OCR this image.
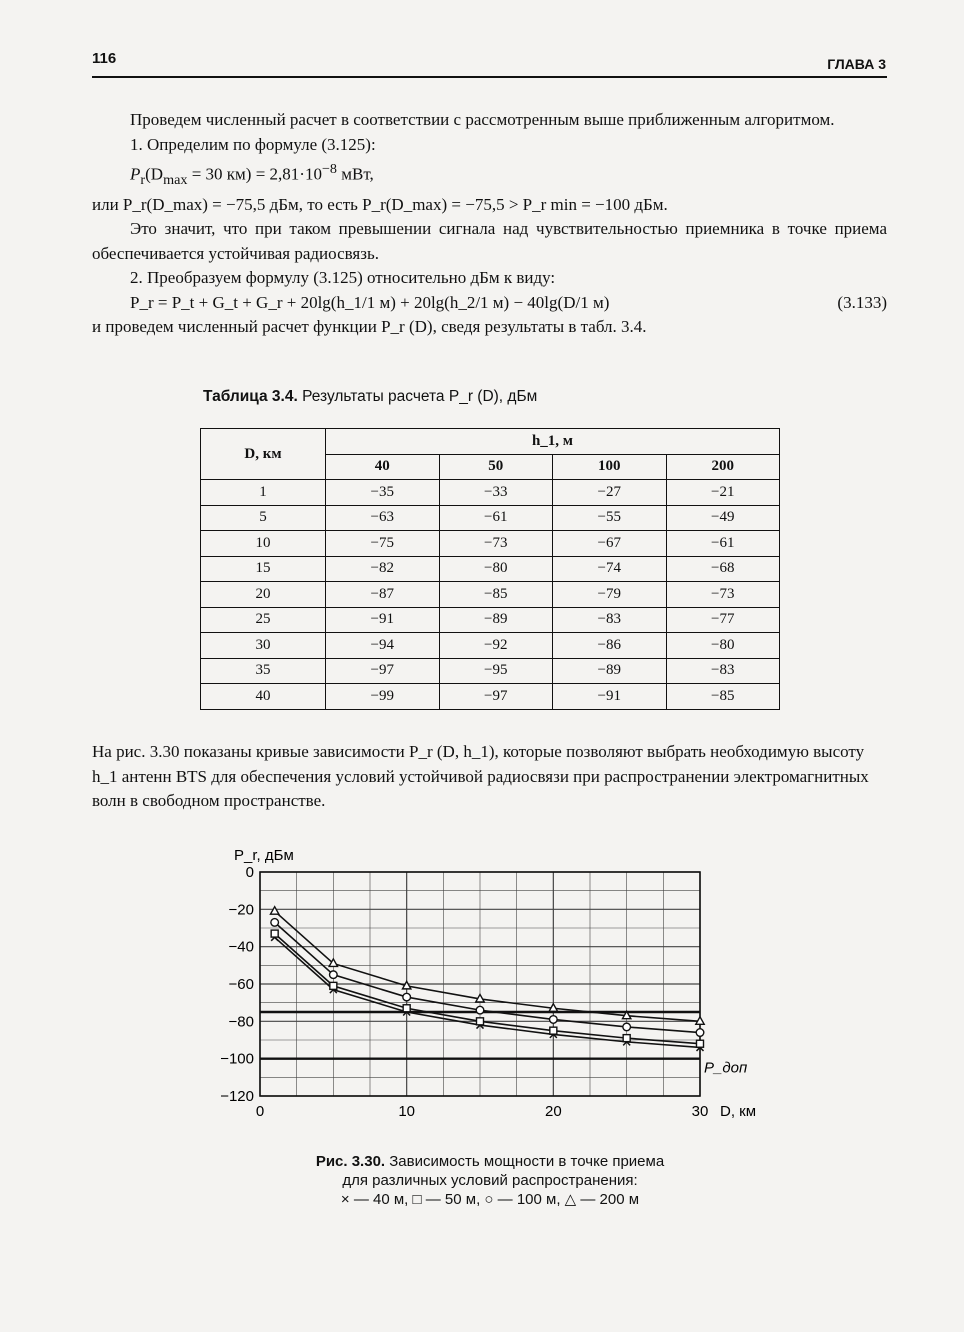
116	ГЛАВА 3

Проведем численный расчет в соответствии с рассмотренным выше приближенным алгоритмом.

1. Определим по формуле (3.125):

$P_r(D_{max} = 30$ $км) = 2,81\cdot 10^{-8}$ мВт,

или P_r(D_max) = −75,5 дБм, то есть P_r(D_max) = −75,5 > P_r min = −100 дБм.

Это значит, что при таком превышении сигнала над чувствительностью приемника в точке приема обеспечивается устойчивая радиосвязь.

2. Преобразуем формулу (3.125) относительно дБм к виду:

P_r = P_t + G_t + G_r + 20lg(h_1/1 м) + 20lg(h_2/1 м) − 40lg(D/1 м)	(3.133)

и проведем численный расчет функции P_r (D), сведя результаты в табл. 3.4.

Таблица 3.4. Результаты расчета P_r (D), дБм
D, км	h_1, м			
	40	50	100	200
1	−35	−33	−27	−21
5	−63	−61	−55	−49
10	−75	−73	−67	−61
15	−82	−80	−74	−68
20	−87	−85	−79	−73
25	−91	−89	−83	−77
30	−94	−92	−86	−80
35	−97	−95	−89	−83
40	−99	−97	−91	−85
На рис. 3.30 показаны кривые зависимости P_r (D, h_1), которые позволяют выбрать необходимую высоту h_1 антенн BTS для обеспечения условий устойчивой радиосвязи при распространении электромагнитных волн в свободном пространстве.
0
−20
−40
−60
−80
−100
−120
0	10	20	30
P_r, дБм
D, км
P_доп
Рис. 3.30. Зависимость мощности в точке приема
для различных условий распространения:
× — 40 м, □ — 50 м, ○ — 100 м, △ — 200 м
